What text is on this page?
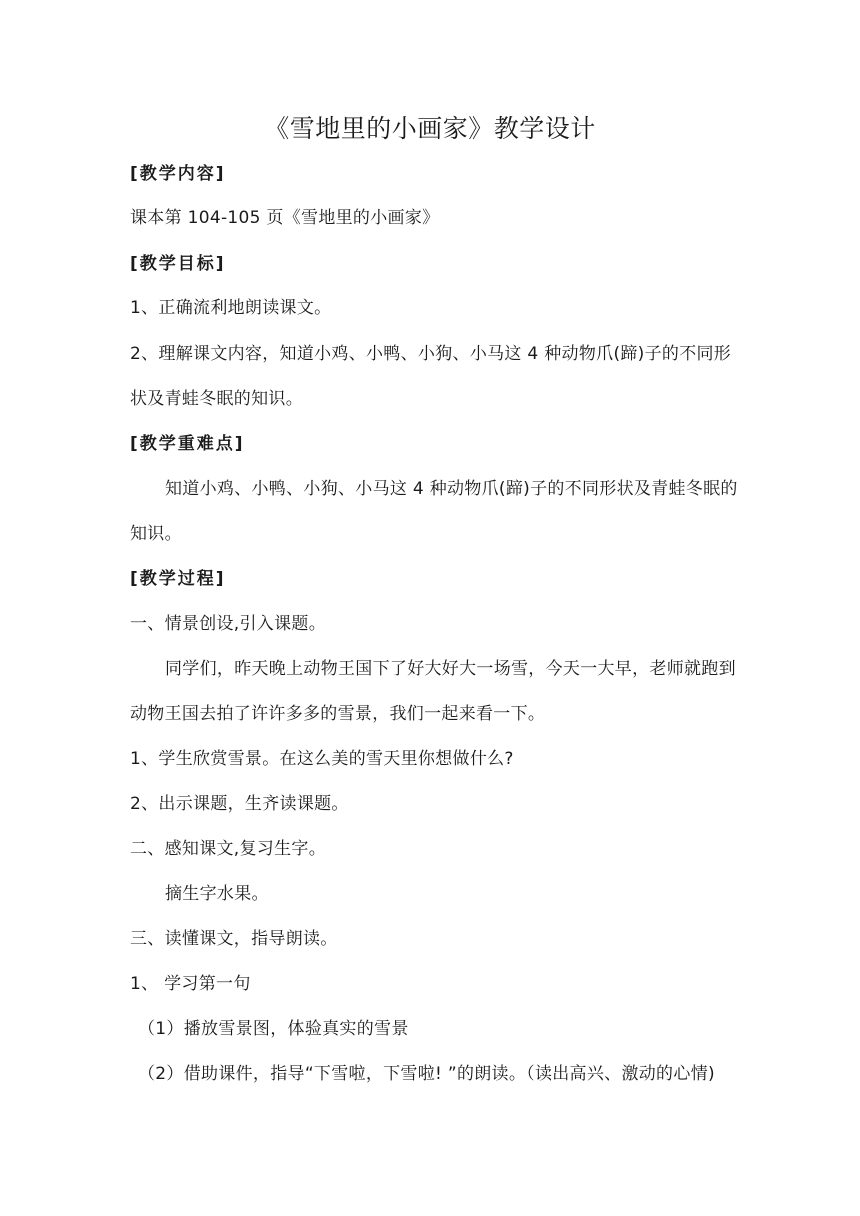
《雪地里的小画家》教学设计
[教学内容]
课本第 104-105 页《雪地里的小画家》
[教学目标]
1、正确流利地朗读课文。
2、理解课文内容，知道小鸡、小鸭、小狗、小马这 4 种动物爪(蹄)子的不同形
状及青蛙冬眠的知识。
[教学重难点]
知道小鸡、小鸭、小狗、小马这 4 种动物爪(蹄)子的不同形状及青蛙冬眠的
知识。
[教学过程]
一、情景创设,引入课题。
同学们，昨天晚上动物王国下了好大好大一场雪，今天一大早，老师就跑到
动物王国去拍了许许多多的雪景，我们一起来看一下。
1、学生欣赏雪景。在这么美的雪天里你想做什么?
2、出示课题，生齐读课题。
二、感知课文,复习生字。
摘生字水果。
三、读懂课文，指导朗读。
1、 学习第一句
（1）播放雪景图，体验真实的雪景
（2）借助课件，指导“下雪啦，下雪啦! ”的朗读。（读出高兴、激动的心情)
